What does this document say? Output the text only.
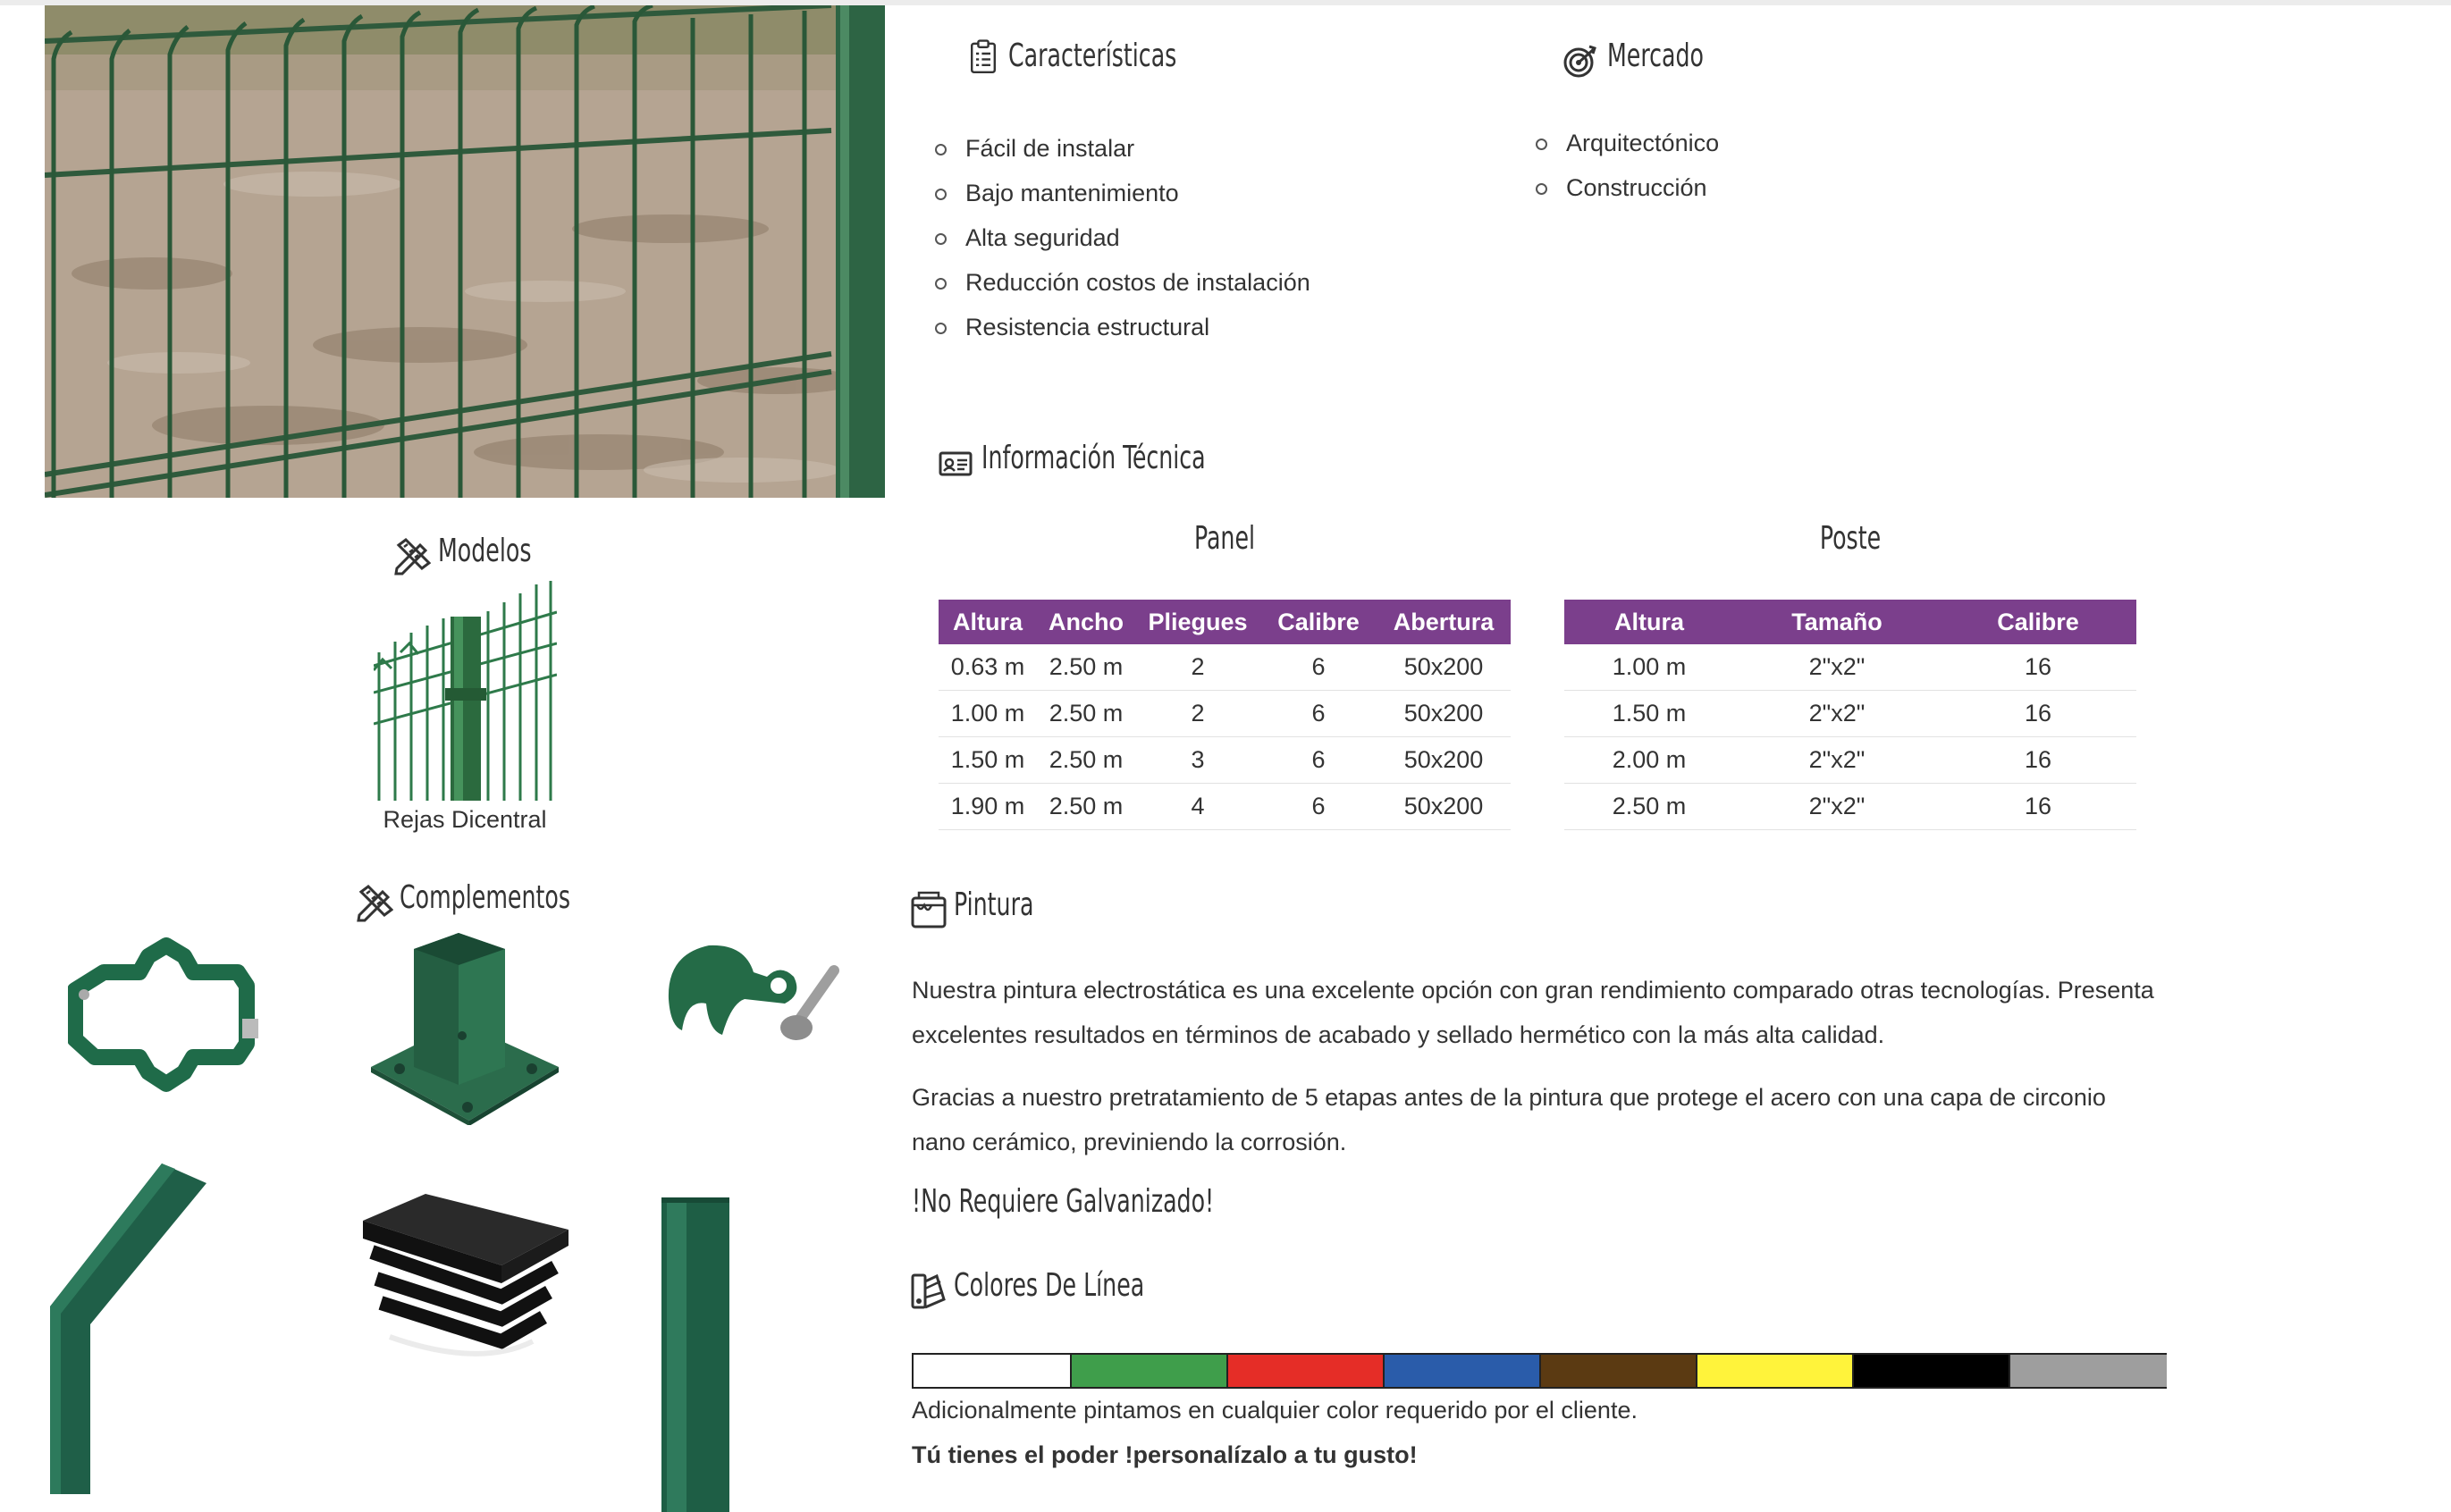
Características
Fácil de instalar
Bajo mantenimiento
Alta seguridad
Reducción costos de instalación
Resistencia estructural
Mercado
Arquitectónico
Construcción
Información Técnica
Panel
Altura	Ancho	Pliegues	Calibre	Abertura
0.63 m	2.50 m	2	6	50x200
1.00 m	2.50 m	2	6	50x200
1.50 m	2.50 m	3	6	50x200
1.90 m	2.50 m	4	6	50x200
Poste
Altura	Tamaño	Calibre
1.00 m	2"x2"	16
1.50 m	2"x2"	16
2.00 m	2"x2"	16
2.50 m	2"x2"	16
Modelos
Rejas Dicentral
Complementos	Pintura

Nuestra pintura electrostática es una excelente opción con gran rendimiento comparado otras tecnologías. Presenta excelentes resultados en términos de acabado y sellado hermético con la más alta calidad.

Gracias a nuestro pretratamiento de 5 etapas antes de la pintura que protege el acero con una capa de circonio nano cerámico, previniendo la corrosión.

!No Requiere Galvanizado!
Colores De Línea

Adicionalmente pintamos en cualquier color requerido por el cliente.

Tú tienes el poder !personalízalo a tu gusto!
